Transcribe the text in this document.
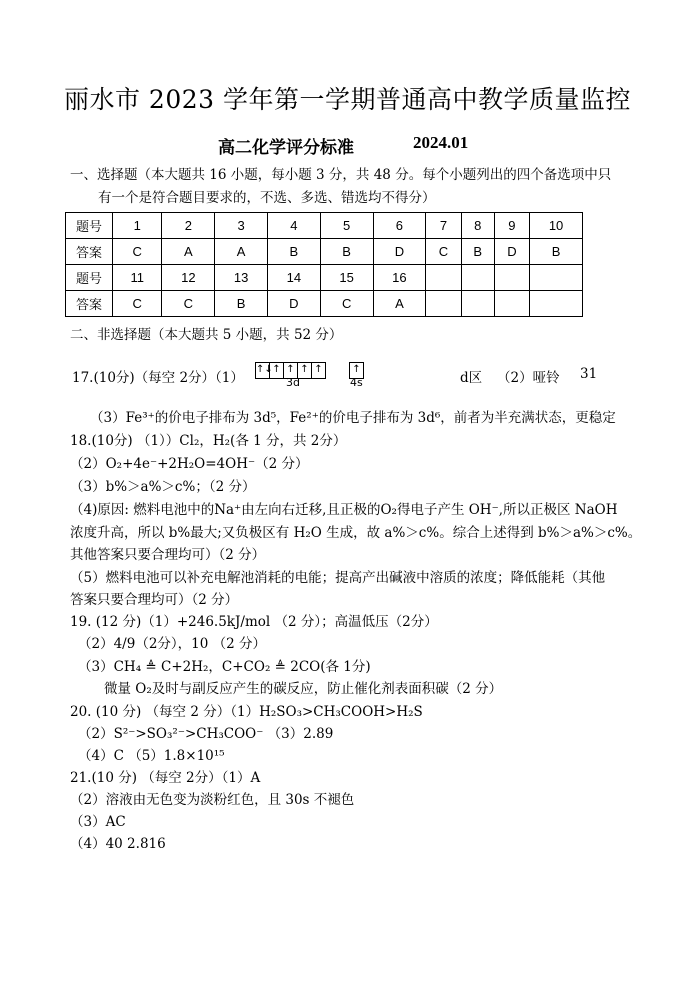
丽水市 2023 学年第一学期普通高中教学质量监控
高二化学评分标准	2024.01
一、选择题（本大题共 16 小题，每小题 3 分，共 48 分。每个小题列出的四个备选项中只
有一个是符合题目要求的，不选、多选、错选均不得分）
题号	1	2	3	4	5	6	7	8	9	10
答案	C	A	A	B	B	D	C	B	D	B
题号	11	12	13	14	15	16				
答案	C	C	B	D	C	A				
二、非选择题（本大题共 5 小题，共 52 分）
17.(10分)（每空 2分）（1）
↑↓↑ ↑ ↑ ↑
3d
↑
4s	d区 （2）哑铃 31
（3）Fe³⁺的价电子排布为 3d⁵，Fe²⁺的价电子排布为 3d⁶，前者为半充满状态，更稳定
18.(10分) （1））Cl₂，H₂(各 1 分，共 2分）
（2）O₂+4e⁻+2H₂O=4OH⁻（2 分）
（3）b%＞a%＞c%；（2 分）
（4)原因: 燃料电池中的Na⁺由左向右迁移,且正极的O₂得电子产生 OH⁻,所以正极区 NaOH
浓度升高，所以 b%最大;又负极区有 H₂O 生成，故 a%＞c%。综合上述得到 b%＞a%＞c%。
其他答案只要合理均可）（2 分）
（5）燃料电池可以补充电解池消耗的电能；提高产出碱液中溶质的浓度；降低能耗（其他
答案只要合理均可）（2 分）
19. (12 分)（1）+246.5kJ/mol （2 分）；高温低压（2分）
（2）4/9（2分），10 （2 分）
（3）CH₄ ≜ C+2H₂，C+CO₂ ≜ 2CO(各 1分)
微量 O₂及时与副反应产生的碳反应，防止催化剂表面积碳（2 分）
20. (10 分) （每空 2 分）（1）H₂SO₃>CH₃COOH>H₂S
（2）S²⁻>SO₃²⁻>CH₃COO⁻ （3）2.89
（4）C （5）1.8×10¹⁵
21.(10 分) （每空 2分）（1）A
（2）溶液由无色变为淡粉红色，且 30s 不褪色
（3）AC
（4）40 2.816
